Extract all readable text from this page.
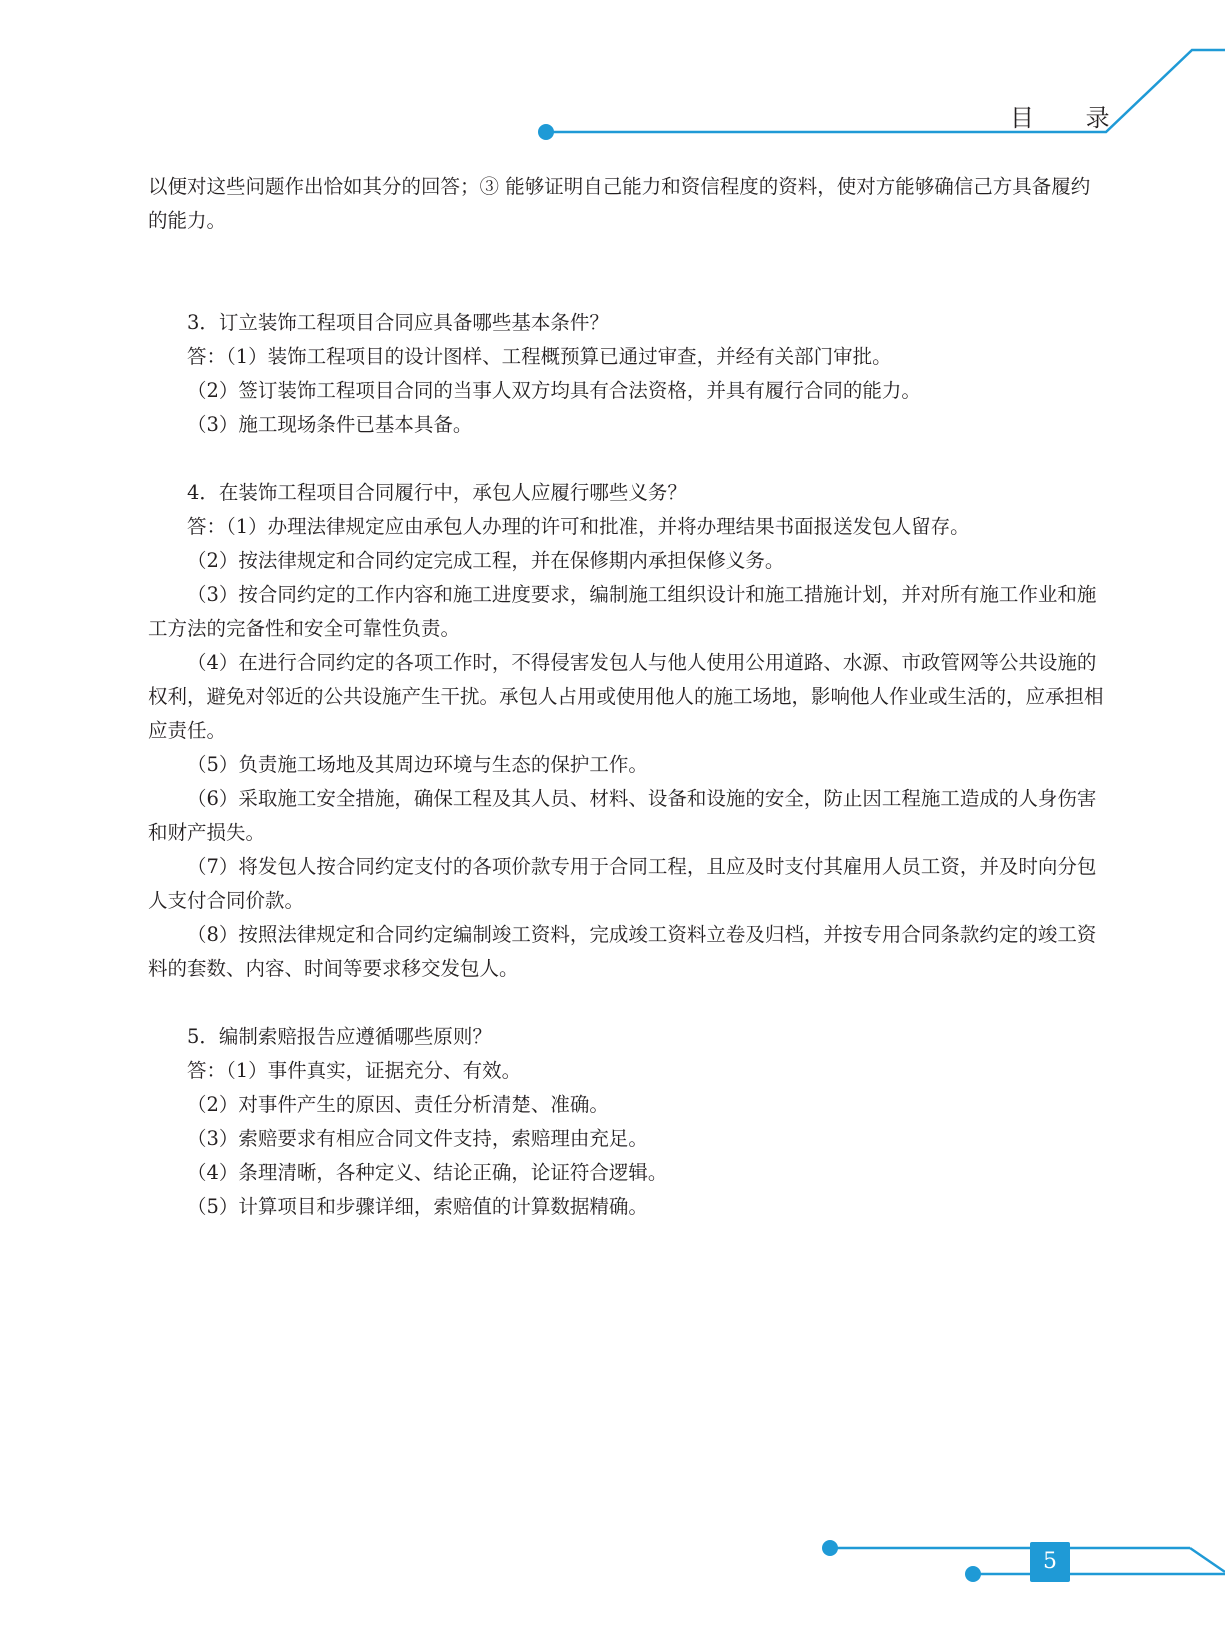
目 录

以便对这些问题作出恰如其分的回答；③ 能够证明自己能力和资信程度的资料，使对方能够确信己方具备履约的能力。

3．订立装饰工程项目合同应具备哪些基本条件？

答：（1）装饰工程项目的设计图样、工程概预算已通过审查，并经有关部门审批。

（2）签订装饰工程项目合同的当事人双方均具有合法资格，并具有履行合同的能力。

（3）施工现场条件已基本具备。

4．在装饰工程项目合同履行中，承包人应履行哪些义务？

答：（1）办理法律规定应由承包人办理的许可和批准，并将办理结果书面报送发包人留存。

（2）按法律规定和合同约定完成工程，并在保修期内承担保修义务。

（3）按合同约定的工作内容和施工进度要求，编制施工组织设计和施工措施计划，并对所有施工作业和施工方法的完备性和安全可靠性负责。

（4）在进行合同约定的各项工作时，不得侵害发包人与他人使用公用道路、水源、市政管网等公共设施的权利，避免对邻近的公共设施产生干扰。承包人占用或使用他人的施工场地，影响他人作业或生活的，应承担相应责任。

（5）负责施工场地及其周边环境与生态的保护工作。

（6）采取施工安全措施，确保工程及其人员、材料、设备和设施的安全，防止因工程施工造成的人身伤害和财产损失。

（7）将发包人按合同约定支付的各项价款专用于合同工程，且应及时支付其雇用人员工资，并及时向分包人支付合同价款。

（8）按照法律规定和合同约定编制竣工资料，完成竣工资料立卷及归档，并按专用合同条款约定的竣工资料的套数、内容、时间等要求移交发包人。

5．编制索赔报告应遵循哪些原则？

答：（1）事件真实，证据充分、有效。

（2）对事件产生的原因、责任分析清楚、准确。

（3）索赔要求有相应合同文件支持，索赔理由充足。

（4）条理清晰，各种定义、结论正确，论证符合逻辑。

（5）计算项目和步骤详细，索赔值的计算数据精确。

5
